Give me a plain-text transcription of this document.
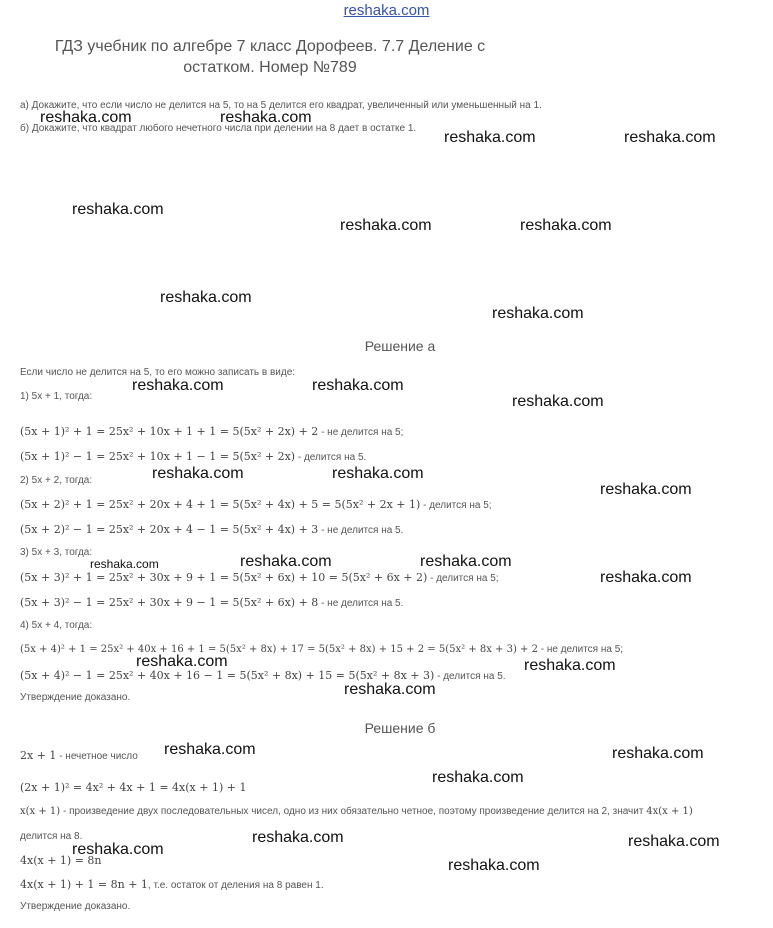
reshaka.com
ГДЗ учебник по алгебре 7 класс Дорофеев. 7.7 Деление с остатком. Номер №789
а) Докажите, что если число не делится на 5, то на 5 делится его квадрат, увеличенный или уменьшенный на 1.
б) Докажите, что квадрат любого нечетного числа при делении на 8 дает в остатке 1.
Решение а
Если число не делится на 5, то его можно записать в виде:
1) 5x + 1, тогда:
(5x + 1)² + 1 = 25x² + 10x + 1 + 1 = 5(5x² + 2x) + 2 - не делится на 5;
(5x + 1)² − 1 = 25x² + 10x + 1 − 1 = 5(5x² + 2x) - делится на 5.
2) 5x + 2, тогда:
(5x + 2)² + 1 = 25x² + 20x + 4 + 1 = 5(5x² + 4x) + 5 = 5(5x² + 2x + 1) - делится на 5;
(5x + 2)² − 1 = 25x² + 20x + 4 − 1 = 5(5x² + 4x) + 3 - не делится на 5.
3) 5x + 3, тогда:
(5x + 3)² + 1 = 25x² + 30x + 9 + 1 = 5(5x² + 6x) + 10 = 5(5x² + 6x + 2) - делится на 5;
(5x + 3)² − 1 = 25x² + 30x + 9 − 1 = 5(5x² + 6x) + 8 - не делится на 5.
4) 5x + 4, тогда:
(5x + 4)² + 1 = 25x² + 40x + 16 + 1 = 5(5x² + 8x) + 17 = 5(5x² + 8x) + 15 + 2 = 5(5x² + 8x + 3) + 2 - не делится на 5;
(5x + 4)² − 1 = 25x² + 40x + 16 − 1 = 5(5x² + 8x) + 15 = 5(5x² + 8x + 3) - делится на 5.
Утверждение доказано.
Решение б
2x + 1 - нечетное число
(2x + 1)² = 4x² + 4x + 1 = 4x(x + 1) + 1
x(x + 1) - произведение двух последовательных чисел, одно из них обязательно четное, поэтому произведение делится на 2, значит 4x(x + 1)
делится на 8.
4x(x + 1) = 8n
4x(x + 1) + 1 = 8n + 1, т.е. остаток от деления на 8 равен 1.
Утверждение доказано.
reshaka.com	reshaka.com
reshaka.com	reshaka.com
reshaka.com
reshaka.com	reshaka.com
reshaka.com
reshaka.com
reshaka.com	reshaka.com
reshaka.com
reshaka.com	reshaka.com
reshaka.com
reshaka.com	reshaka.com	reshaka.com
reshaka.com
reshaka.com	reshaka.com
reshaka.com
reshaka.com	reshaka.com
reshaka.com
reshaka.com	reshaka.com
reshaka.com
reshaka.com
